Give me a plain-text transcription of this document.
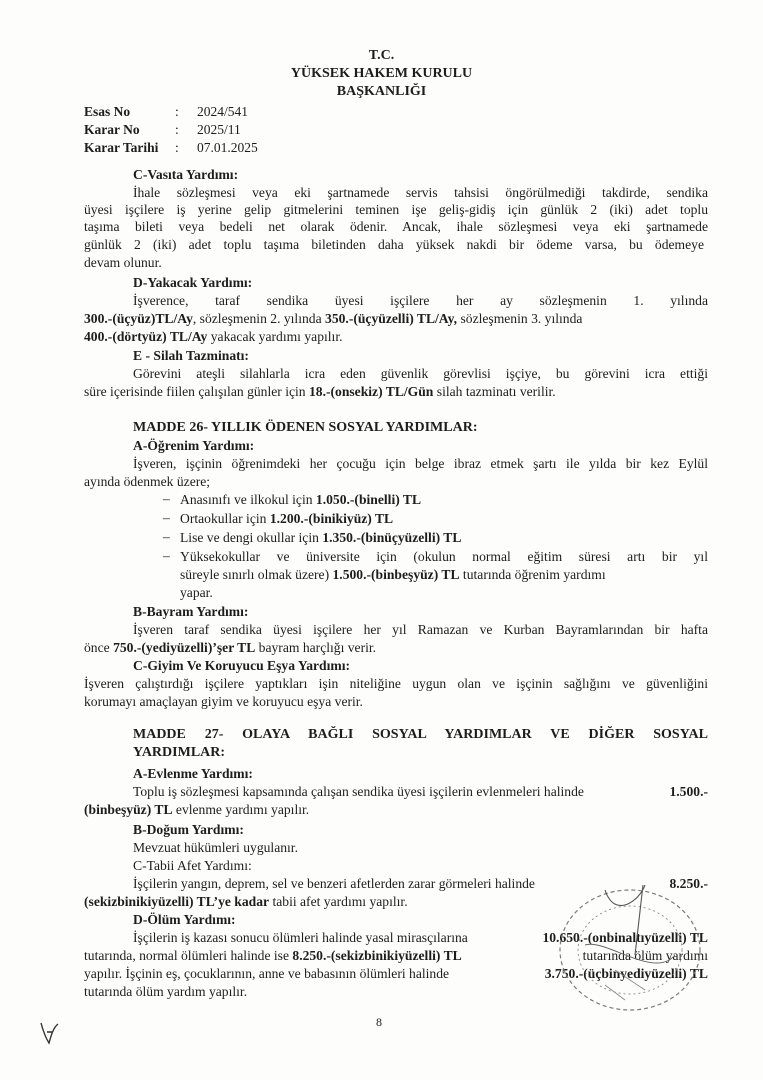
T.C.
YÜKSEK HAKEM KURULU
BAŞKANLIĞI
Esas No	: 2024/541
Karar No	: 2025/11
Karar Tarihi : 07.01.2025
C-Vasıta Yardımı:
İhale sözleşmesi veya eki şartnamede servis tahsisi öngörülmediği takdirde, sendika
üyesi işçilere iş yerine gelip gitmelerini teminen işe geliş-gidiş için günlük 2 (iki) adet toplu
taşıma bileti veya bedeli net olarak ödenir. Ancak, ihale sözleşmesi veya eki şartnamede
günlük 2 (iki) adet toplu taşıma biletinden daha yüksek nakdi bir ödeme varsa, bu ödemeye
devam olunur.
D-Yakacak Yardımı:
İşverence, taraf sendika üyesi işçilere her ay sözleşmenin 1. yılında
300.-(üçyüz)TL/Ay, sözleşmenin 2. yılında 350.-(üçyüzelli) TL/Ay, sözleşmenin 3. yılında
400.-(dörtyüz) TL/Ay yakacak yardımı yapılır.
E - Silah Tazminatı:
Görevini ateşli silahlarla icra eden güvenlik görevlisi işçiye, bu görevini icra ettiği
süre içerisinde fiilen çalışılan günler için 18.-(onsekiz) TL/Gün silah tazminatı verilir.
MADDE 26- YILLIK ÖDENEN SOSYAL YARDIMLAR:
A-Öğrenim Yardımı:
İşveren, işçinin öğrenimdeki her çocuğu için belge ibraz etmek şartı ile yılda bir kez Eylül
ayında ödenmek üzere;
– Anasınıfı ve ilkokul için 1.050.-(binelli) TL
– Ortaokullar için 1.200.-(binikiyüz) TL
– Lise ve dengi okullar için 1.350.-(binüçyüzelli) TL
– Yüksekokullar ve üniversite için (okulun normal eğitim süresi artı bir yıl
süreyle sınırlı olmak üzere) 1.500.-(binbeşyüz) TL tutarında öğrenim yardımı
yapar.
B-Bayram Yardımı:
İşveren taraf sendika üyesi işçilere her yıl Ramazan ve Kurban Bayramlarından bir hafta
önce 750.-(yediyüzelli)’şer TL bayram harçlığı verir.
C-Giyim Ve Koruyucu Eşya Yardımı:
İşveren çalıştırdığı işçilere yaptıkları işin niteliğine uygun olan ve işçinin sağlığını ve güvenliğini
korumayı amaçlayan giyim ve koruyucu eşya verir.
MADDE 27- OLAYA BAĞLI SOSYAL YARDIMLAR VE DİĞER SOSYAL
YARDIMLAR:
A-Evlenme Yardımı:
Toplu iş sözleşmesi kapsamında çalışan sendika üyesi işçilerin evlenmeleri halinde	1.500.-
(binbeşyüz) TL evlenme yardımı yapılır.
B-Doğum Yardımı:
Mevzuat hükümleri uygulanır.
C-Tabii Afet Yardımı:
İşçilerin yangın, deprem, sel ve benzeri afetlerden zarar görmeleri halinde	8.250.-
(sekizbinikiyüzelli) TL’ye kadar tabii afet yardımı yapılır.
D-Ölüm Yardımı:
İşçilerin iş kazası sonucu ölümleri halinde yasal mirasçılarına	10.650.-(onbinaltıyüzelli) TL
tutarında, normal ölümleri halinde ise 8.250.-(sekizbinikiyüzelli) TL	tutarında ölüm yardımı
yapılır. İşçinin eş, çocuklarının, anne ve babasının ölümleri halinde	3.750.-(üçbinyediyüzelli) TL
tutarında ölüm yardım yapılır.
8
